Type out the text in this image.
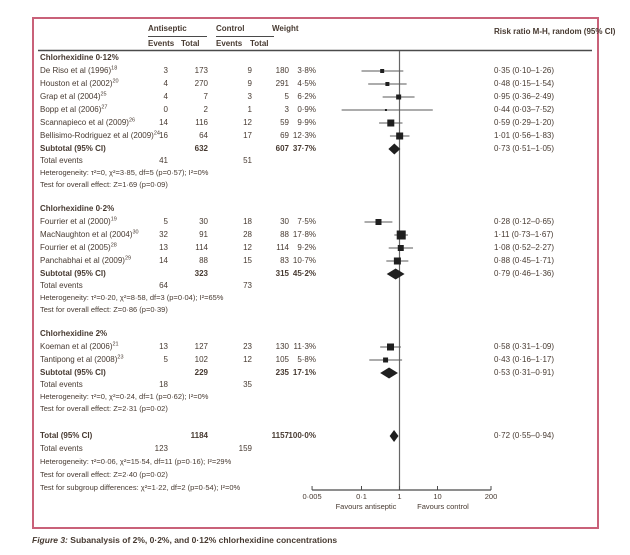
Antiseptic	Control	Weight	Risk ratio M-H, random (95% CI)
Events Total Events Total
Chlorhexidine 0·12%
De Riso et al $(1996)^{18}$	3	173	9	180	3·8%	0·35 (0·10–1·26)
Houston et al $(2002)^{20}$	4	270	9	291	4·5%	0·48 (0·15–1·54)
Grap et al $(2004)^{25}$	4	7	3	5	6·2%	0·95 (0·36–2·49)
Bopp et al $(2006)^{27}$	0	2	1	3	0·9%	0·44 (0·03–7·52)
Scannapieco et al $(2009)^{26}$	14	116	12	59	9·9%	0·59 (0·29–1·20)
Bellisimo-Rodriguez et al $(2009)^{24}$ 16	64	17	69 12·3%	1·01 (0·56–1·83)
Subtotal (95% CI)	632	607 37·7%	0·73 (0·51–1·05)
Total events	41	51
Heterogeneity: τ²=0, χ²=3·85, df=5 (p=0·57); I²=0%
Test for overall effect: Z=1·69 (p=0·09)
Chlorhexidine 0·2%
Fourrier et al $(2000)^{19}$	5	30	18	30	7·5%	0·28 (0·12–0·65)
MacNaughton et al $(2004)^{30}$	32	91	28	88 17·8%	1·11 (0·73–1·67)
Fourrier et al $(2005)^{28}$	13	114	12	114	9·2%	1·08 (0·52–2·27)
Panchabhai et al $(2009)^{29}$	14	88	15	83 10·7%	0·88 (0·45–1·71)
Subtotal (95% CI)	323	315 45·2%	0·79 (0·46–1·36)
Total events	64	73
Heterogeneity: τ²=0·20, χ²=8·58, df=3 (p=0·04); I²=65%
Test for overall effect: Z=0·86 (p=0·39)
Chlorhexidine 2%
Koeman et al $(2006)^{21}$	13	127	23	130 11·3%	0·58 (0·31–1·09)
Tantipong et al $(2008)^{23}$	5	102	12	105	5·8%	0·43 (0·16–1·17)
Subtotal (95% CI)	229	235 17·1%	0·53 (0·31–0·91)
Total events	18	35
Heterogeneity: τ²=0, χ²=0·24, df=1 (p=0·62); I²=0%
Test for overall effect: Z=2·31 (p=0·02)
Total (95% CI)	1184	1157 100·0%	0·72 (0·55–0·94)
Total events	123	159
Heterogeneity: τ²=0·06, χ²=15·54, df=11 (p=0·16); I²=29%
Test for overall effect: Z=2·40 (p=0·02)
Test for subgroup differences: χ²=1·22, df=2 (p=0·54); I²=0%
0·005	0·1	1	10	200
Favours antiseptic	Favours control
Figure 3: Subanalysis of 2%, 0·2%, and 0·12% chlorhexidine concentrations
